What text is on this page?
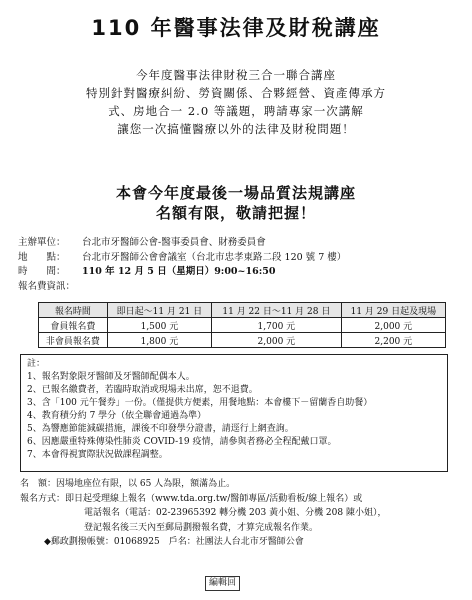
110 年醫事法律及財稅講座
今年度醫事法律財稅三合一聯合講座
特別針對醫療糾紛、勞資關係、合夥經營、資產傳承方
式、房地合一 2.0 等議題，聘請專家一次講解
讓您一次搞懂醫療以外的法律及財稅問題！
本會今年度最後一場品質法規講座
名額有限，敬請把握！
主辦單位： 台北市牙醫師公會-醫事委員會、財務委員會
地　　點： 台北市牙醫師公會會議室（台北市忠孝東路二段 120 號 7 樓）
時　　間： 110 年 12 月 5 日（星期日）9:00~16:50
報名費資訊：
報名時間	即日起～11 月 21 日	11 月 22 日～11 月 28 日	11 月 29 日起及現場
會員報名費	1,500 元	1,700 元	2,000 元
非會員報名費	1,800 元	2,000 元	2,200 元
註：
1、報名對象限牙醫師及牙醫師配偶本人。
2、已報名繳費者，若臨時取消或現場未出席，恕不退費。
3、含「100 元午餐券」一份。（僅提供方便素，用餐地點：本會樓下－留蘭香自助餐）
4、教育積分約 7 學分（依全聯會通過為準）
5、為響應節能減碳措施，課後不印發學分證書，請逕行上網查詢。
6、因應嚴重特殊傳染性肺炎 COVID-19 疫情，請參與者務必全程配戴口罩。
7、本會得視實際狀況做課程調整。
名　額：因場地座位有限，以 65 人為限，額滿為止。
報名方式：即日起受理線上報名（www.tda.org.tw/醫師專區/活動看板/線上報名）或
電話報名（電話：02-23965392 轉分機 203 黃小姐、分機 208 陳小姐），
登記報名後三天內至郵局劃撥報名費，才算完成報名作業。
◆郵政劃撥帳號：01068925　戶名：社團法人台北市牙醫師公會
編輯回
